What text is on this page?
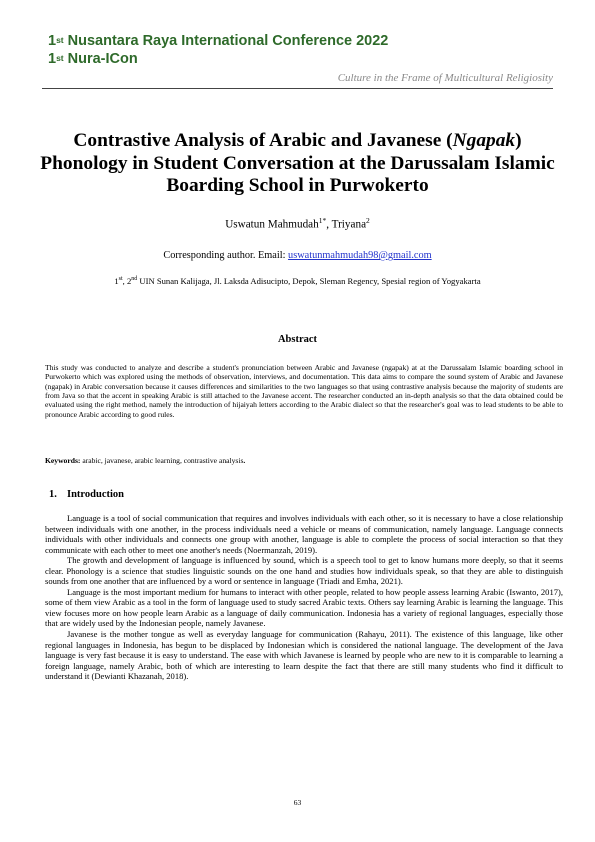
1st Nusantara Raya International Conference 2022
1st Nura-ICon
Culture in the Frame of Multicultural Religiosity
Contrastive Analysis of Arabic and Javanese (Ngapak) Phonology in Student Conversation at the Darussalam Islamic Boarding School in Purwokerto
Uswatun Mahmudah$^{1*}$, Triyana$^2$
Corresponding author. Email: uswatunmahmudah98@gmail.com
1st, 2nd UIN Sunan Kalijaga, Jl. Laksda Adisucipto, Depok, Sleman Regency, Spesial region of Yogyakarta
Abstract

This study was conducted to analyze and describe a student's pronunciation between Arabic and Javanese (ngapak) at at the Darussalam Islamic boarding school in Purwokerto which was explored using the methods of observation, interviews, and documentation. This data aims to compare the sound system of Arabic and Javanese (ngapak) in Arabic conversation because it causes differences and similarities to the two languages so that using contrastive analysis because the majority of students are from Java so that the accent in speaking Arabic is still attached to the Javanese accent. The researcher conducted an in-depth analysis so that the data obtained could be evaluated using the right method, namely the introduction of hijaiyah letters according to the Arabic dialect so that the researcher's goal was to lead students to be able to pronounce Arabic according to good rules.

Keywords: arabic, javanese, arabic learning, contrastive analysis.

1. Introduction

Language is a tool of social communication that requires and involves individuals with each other, so it is necessary to have a close relationship between individuals with one another, in the process individuals need a vehicle or means of communication, namely language. Language connects individuals with other individuals and connects one group with another, language is able to complete the process of social interaction so that they communicate with each other to meet one another's needs (Noermanzah, 2019).

The growth and development of language is influenced by sound, which is a speech tool to get to know humans more deeply, so that it seems clear. Phonology is a science that studies linguistic sounds on the one hand and studies how individuals speak, so that they are able to distinguish sounds from one another that are influenced by a word or sentence in language (Triadi and Emha, 2021).

Language is the most important medium for humans to interact with other people, related to how people assess learning Arabic (Iswanto, 2017), some of them view Arabic as a tool in the form of language used to study sacred Arabic texts. Others say learning Arabic is learning the language. This view focuses more on how people learn Arabic as a language of daily communication. Indonesia has a variety of regional languages, especially those that are widely used by the Indonesian people, namely Javanese.

Javanese is the mother tongue as well as everyday language for communication (Rahayu, 2011). The existence of this language, like other regional languages in Indonesia, has begun to be displaced by Indonesian which is considered the national language. The development of the Java language is very fast because it is easy to understand. The ease with which Javanese is learned by people who are new to it is comparable to learning a foreign language, namely Arabic, both of which are interesting to learn despite the fact that there are still many students who find it difficult to understand it (Dewianti Khazanah, 2018).

63
